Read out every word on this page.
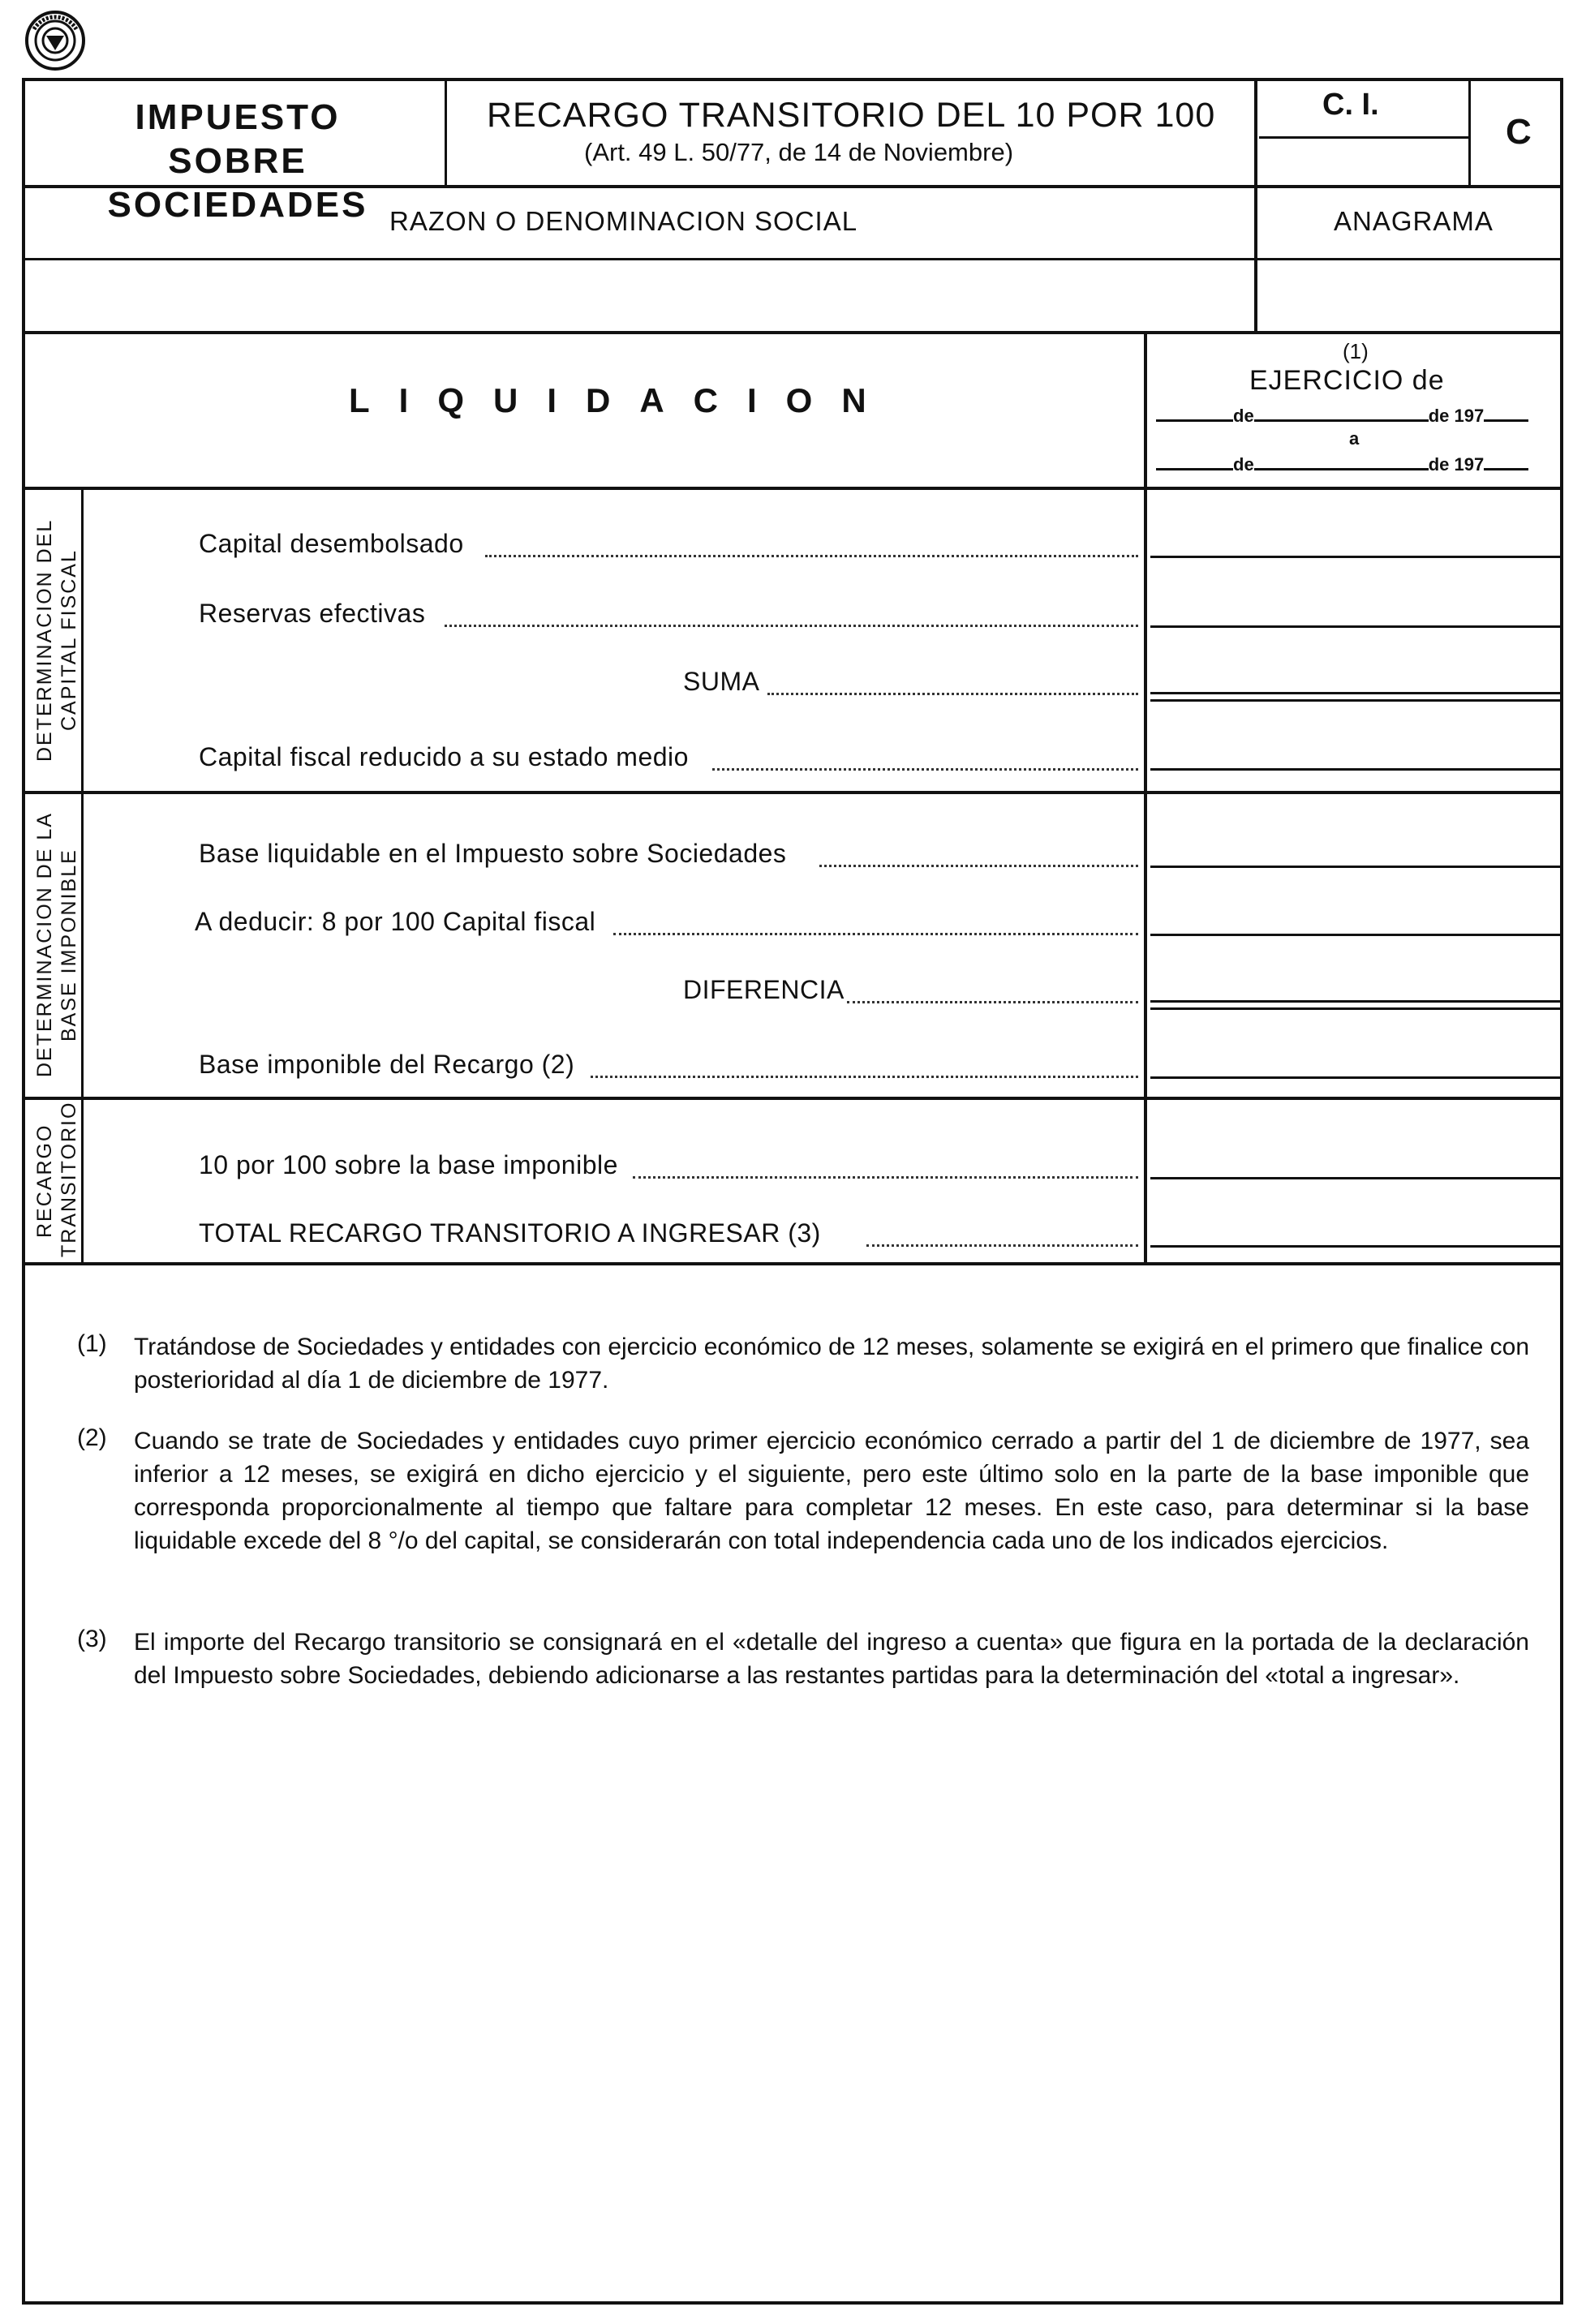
IMPUESTO SOBRE
SOCIEDADES
RECARGO TRANSITORIO DEL 10 POR 100
(Art. 49 L. 50/77, de 14 de Noviembre)
C. I.
C
RAZON O DENOMINACION SOCIAL	ANAGRAMA
LIQUIDACION
(1)
EJERCICIO de
de	de 197
a
de	de 197
DETERMINACION DEL
CAPITAL FISCAL
DETERMINACION DE LA
BASE IMPONIBLE
RECARGO
TRANSITORIO
Capital desembolsado
Reservas efectivas
SUMA
Capital fiscal reducido a su estado medio
Base liquidable en el Impuesto sobre Sociedades
A deducir: 8 por 100 Capital fiscal
DIFERENCIA
Base imponible del Recargo (2)
10 por 100 sobre la base imponible
TOTAL RECARGO TRANSITORIO A INGRESAR (3)
(1) Tratándose de Sociedades y entidades con ejercicio económico de 12 meses, solamente se exigirá en el primero que finalice con posterioridad al día 1 de diciembre de 1977.
(2) Cuando se trate de Sociedades y entidades cuyo primer ejercicio económico cerrado a partir del 1 de diciembre de 1977, sea inferior a 12 meses, se exigirá en dicho ejercicio y el siguiente, pero este último solo en la parte de la base imponible que corresponda proporcionalmente al tiempo que faltare para completar 12 meses. En este caso, para determinar si la base liquidable excede del 8 °/o del capital, se considerarán con total independencia cada uno de los indicados ejercicios.
(3) El importe del Recargo transitorio se consignará en el «detalle del ingreso a cuenta» que figura en la portada de la declaración del Impuesto sobre Sociedades, debiendo adicionarse a las restantes partidas para la determinación del «total a ingresar».
